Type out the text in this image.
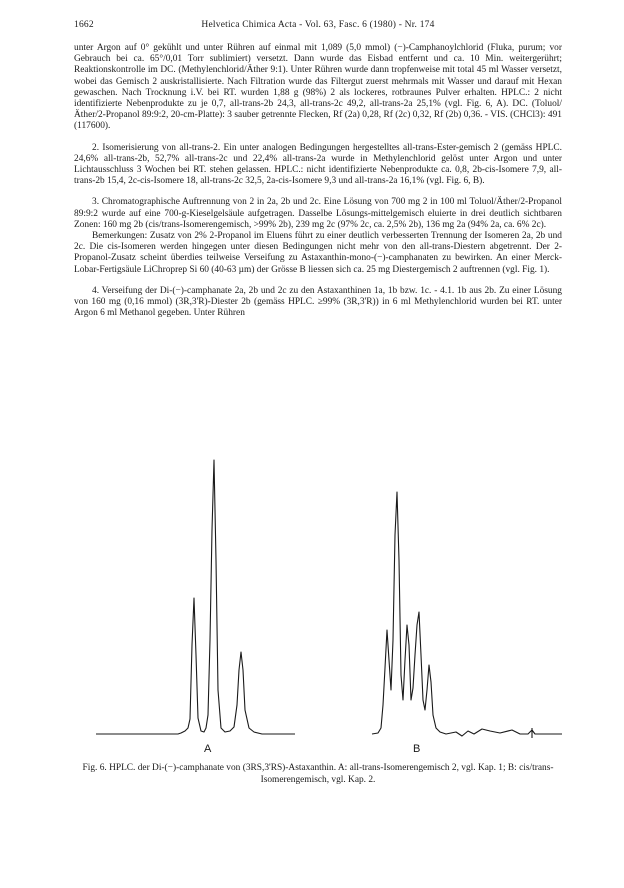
1662	Helvetica Chimica Acta - Vol. 63, Fasc. 6 (1980) - Nr. 174

unter Argon auf 0° gekühlt und unter Rühren auf einmal mit 1,089 (5,0 mmol) (−)-Camphanoylchlorid (Fluka, purum; vor Gebrauch bei ca. 65°/0,01 Torr sublimiert) versetzt. Dann wurde das Eisbad entfernt und ca. 10 Min. weitergerührt; Reaktionskontrolle im DC. (Methylenchlorid/Äther 9:1). Unter Rühren wurde dann tropfenweise mit total 45 ml Wasser versetzt, wobei das Gemisch 2 auskristallisierte. Nach Filtration wurde das Filtergut zuerst mehrmals mit Wasser und darauf mit Hexan gewaschen. Nach Trocknung i.V. bei RT. wurden 1,88 g (98%) 2 als lockeres, rotbraunes Pulver erhalten. HPLC.: 2 nicht identifizierte Nebenprodukte zu je 0,7, all-trans-2b 24,3, all-trans-2c 49,2, all-trans-2a 25,1% (vgl. Fig. 6, A). DC. (Toluol/Äther/2-Propanol 89:9:2, 20-cm-Platte): 3 sauber getrennte Flecken, Rf (2a) 0,28, Rf (2c) 0,32, Rf (2b) 0,36. - VIS. (CHCl3): 491 (117600).

2. Isomerisierung von all-trans-2. Ein unter analogen Bedingungen hergestelltes all-trans-Ester-gemisch 2 (gemäss HPLC. 24,6% all-trans-2b, 52,7% all-trans-2c und 22,4% all-trans-2a wurde in Methylenchlorid gelöst unter Argon und unter Lichtausschluss 3 Wochen bei RT. stehen gelassen. HPLC.: nicht identifizierte Nebenprodukte ca. 0,8, 2b-cis-Isomere 7,9, all-trans-2b 15,4, 2c-cis-Isomere 18, all-trans-2c 32,5, 2a-cis-Isomere 9,3 und all-trans-2a 16,1% (vgl. Fig. 6, B).

3. Chromatographische Auftrennung von 2 in 2a, 2b und 2c. Eine Lösung von 700 mg 2 in 100 ml Toluol/Äther/2-Propanol 89:9:2 wurde auf eine 700-g-Kieselgelsäule aufgetragen. Dasselbe Lösungs-mittelgemisch eluierte in drei deutlich sichtbaren Zonen: 160 mg 2b (cis/trans-Isomerengemisch, >99% 2b), 239 mg 2c (97% 2c, ca. 2,5% 2b), 136 mg 2a (94% 2a, ca. 6% 2c).

Bemerkungen: Zusatz von 2% 2-Propanol im Eluens führt zu einer deutlich verbesserten Trennung der Isomeren 2a, 2b und 2c. Die cis-Isomeren werden hingegen unter diesen Bedingungen nicht mehr von den all-trans-Diestern abgetrennt. Der 2-Propanol-Zusatz scheint überdies teilweise Verseifung zu Astaxanthin-mono-(−)-camphanaten zu bewirken. An einer Merck-Lobar-Fertigsäule LiChroprep Si 60 (40-63 µm) der Grösse B liessen sich ca. 25 mg Diestergemisch 2 auftrennen (vgl. Fig. 1).

4. Verseifung der Di-(−)-camphanate 2a, 2b und 2c zu den Astaxanthinen 1a, 1b bzw. 1c. - 4.1. 1b aus 2b. Zu einer Lösung von 160 mg (0,16 mmol) (3R,3'R)-Diester 2b (gemäss HPLC. ≥99% (3R,3'R)) in 6 ml Methylenchlorid wurden bei RT. unter Argon 6 ml Methanol gegeben. Unter Rühren

A	B
Fig. 6. HPLC. der Di-(−)-camphanate von (3RS,3'RS)-Astaxanthin. A: all-trans-Isomerengemisch 2, vgl. Kap. 1; B: cis/trans-Isomerengemisch, vgl. Kap. 2.
